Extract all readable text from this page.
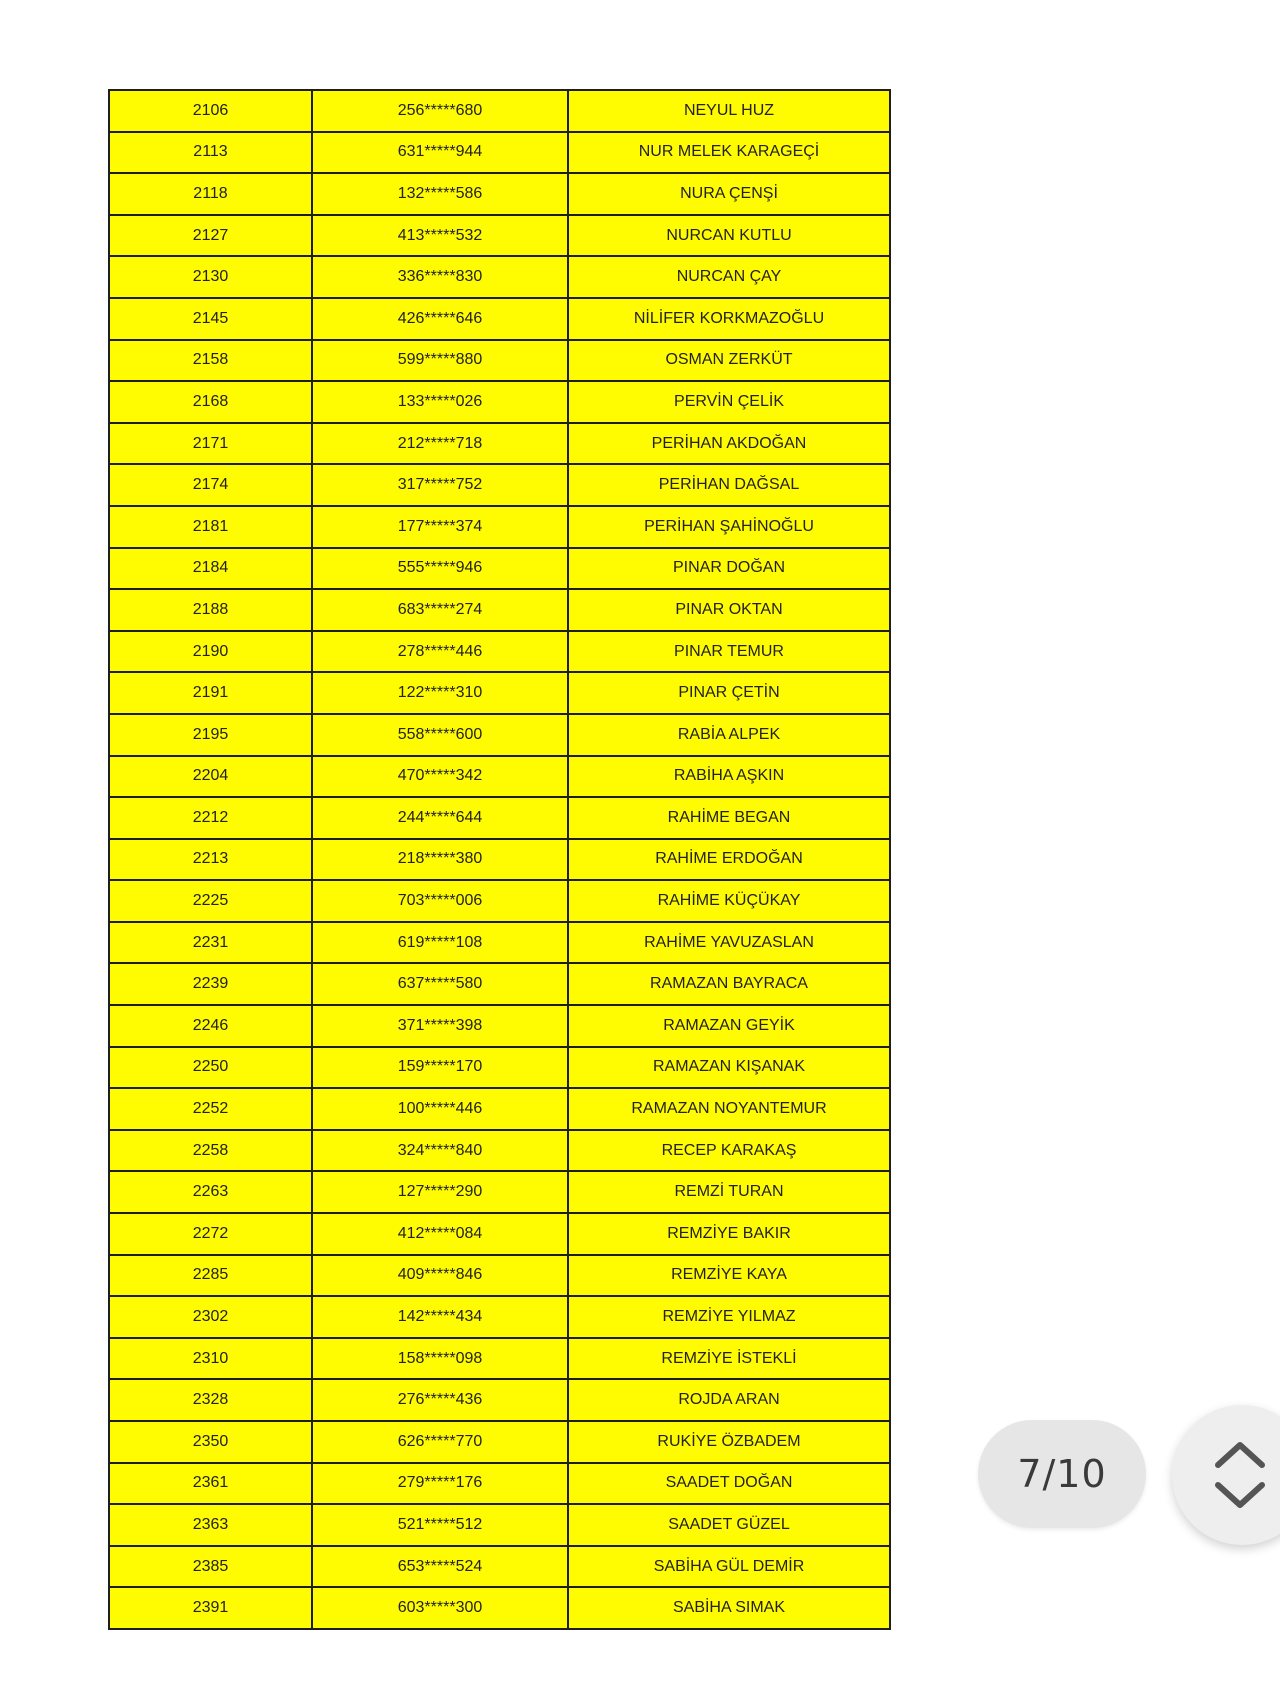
2106	256*****680	NEYUL HUZ
2113	631*****944	NUR MELEK KARAGEÇİ
2118	132*****586	NURA ÇENŞİ
2127	413*****532	NURCAN KUTLU
2130	336*****830	NURCAN ÇAY
2145	426*****646	NİLİFER KORKMAZOĞLU
2158	599*****880	OSMAN ZERKÜT
2168	133*****026	PERVİN ÇELİK
2171	212*****718	PERİHAN AKDOĞAN
2174	317*****752	PERİHAN DAĞSAL
2181	177*****374	PERİHAN ŞAHİNOĞLU
2184	555*****946	PINAR DOĞAN
2188	683*****274	PINAR OKTAN
2190	278*****446	PINAR TEMUR
2191	122*****310	PINAR ÇETİN
2195	558*****600	RABİA ALPEK
2204	470*****342	RABİHA AŞKIN
2212	244*****644	RAHİME BEGAN
2213	218*****380	RAHİME ERDOĞAN
2225	703*****006	RAHİME KÜÇÜKAY
2231	619*****108	RAHİME YAVUZASLAN
2239	637*****580	RAMAZAN BAYRACA
2246	371*****398	RAMAZAN GEYİK
2250	159*****170	RAMAZAN KIŞANAK
2252	100*****446	RAMAZAN NOYANTEMUR
2258	324*****840	RECEP KARAKAŞ
2263	127*****290	REMZİ TURAN
2272	412*****084	REMZİYE BAKIR
2285	409*****846	REMZİYE KAYA
2302	142*****434	REMZİYE YILMAZ
2310	158*****098	REMZİYE İSTEKLİ
2328	276*****436	ROJDA ARAN
2350	626*****770	RUKİYE ÖZBADEM
2361	279*****176	SAADET DOĞAN
2363	521*****512	SAADET GÜZEL
2385	653*****524	SABİHA GÜL DEMİR
2391	603*****300	SABİHA SIMAK
7/10
